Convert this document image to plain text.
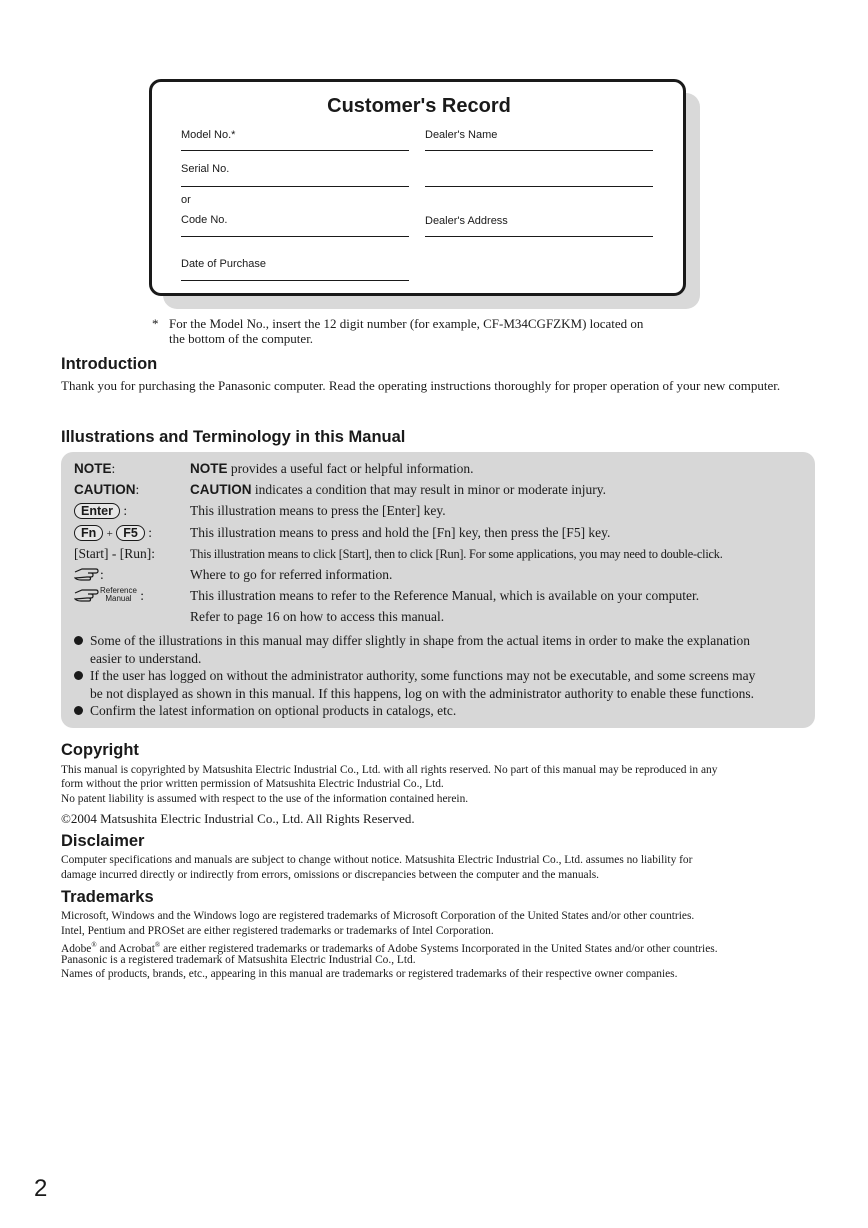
Customer's Record
Model No.*
Serial No.
or
Code No.
Date of Purchase
Dealer's Name
Dealer's Address
* For the Model No., insert the 12 digit number (for example, CF-M34CGFZKM) located on
the bottom of the computer.
Introduction
Thank you for purchasing the Panasonic computer. Read the operating instructions thoroughly for proper operation of your new computer.
Illustrations and Terminology in this Manual
NOTE:	NOTE provides a useful fact or helpful information.
CAUTION:	CAUTION indicates a condition that may result in minor or moderate injury.
Enter :	This illustration means to press the [Enter] key.
Fn + F5 :	This illustration means to press and hold the [Fn] key, then press the [F5] key.
[Start] - [Run]:	This illustration means to click [Start], then to click [Run]. For some applications, you may need to double-click.
:	Where to go for referred information.
Reference
Manual :	This illustration means to refer to the Reference Manual, which is available on your computer.
Refer to page 16 on how to access this manual.
Some of the illustrations in this manual may differ slightly in shape from the actual items in order to make the explanation
easier to understand.
If the user has logged on without the administrator authority, some functions may not be executable, and some screens may
be not displayed as shown in this manual. If this happens, log on with the administrator authority to enable these functions.
Confirm the latest information on optional products in catalogs, etc.
Copyright
This manual is copyrighted by Matsushita Electric Industrial Co., Ltd. with all rights reserved. No part of this manual may be reproduced in any
form without the prior written permission of Matsushita Electric Industrial Co., Ltd.
No patent liability is assumed with respect to the use of the information contained herein.
©2004 Matsushita Electric Industrial Co., Ltd. All Rights Reserved.
Disclaimer
Computer specifications and manuals are subject to change without notice. Matsushita Electric Industrial Co., Ltd. assumes no liability for
damage incurred directly or indirectly from errors, omissions or discrepancies between the computer and the manuals.
Trademarks
Microsoft, Windows and the Windows logo are registered trademarks of Microsoft Corporation of the United States and/or other countries.
Intel, Pentium and PROSet are either registered trademarks or trademarks of Intel Corporation.
Adobe® and Acrobat® are either registered trademarks or trademarks of Adobe Systems Incorporated in the United States and/or other countries.
Panasonic is a registered trademark of Matsushita Electric Industrial Co., Ltd.
Names of products, brands, etc., appearing in this manual are trademarks or registered trademarks of their respective owner companies.
2
